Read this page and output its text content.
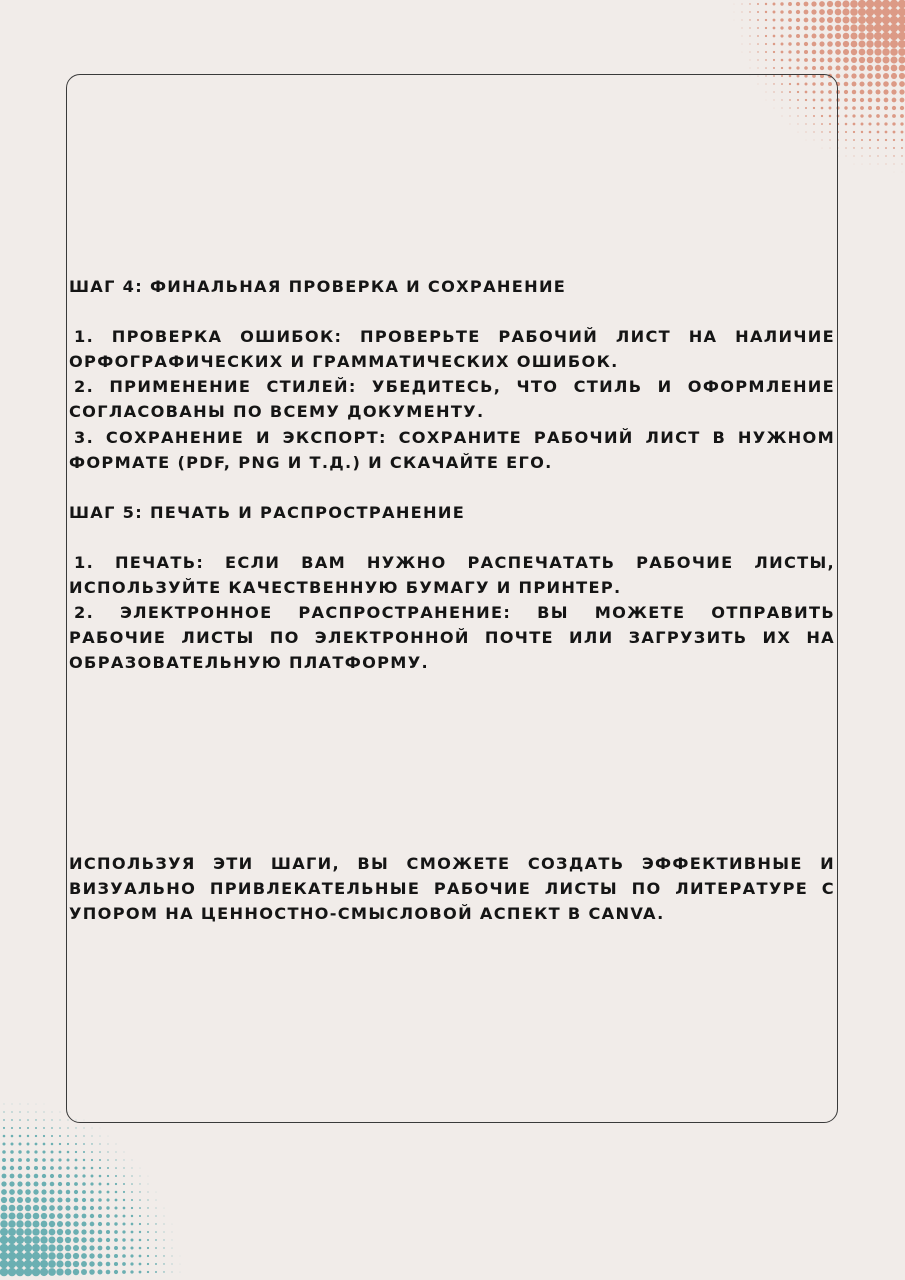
ШАГ 4: ФИНАЛЬНАЯ ПРОВЕРКА И СОХРАНЕНИЕ

1. ПРОВЕРКА ОШИБОК: ПРОВЕРЬТЕ РАБОЧИЙ ЛИСТ НА НАЛИЧИЕ ОРФОГРАФИЧЕСКИХ И ГРАММАТИЧЕСКИХ ОШИБОК.

2. ПРИМЕНЕНИЕ СТИЛЕЙ: УБЕДИТЕСЬ, ЧТО СТИЛЬ И ОФОРМЛЕНИЕ СОГЛАСОВАНЫ ПО ВСЕМУ ДОКУМЕНТУ.

3. СОХРАНЕНИЕ И ЭКСПОРТ: СОХРАНИТЕ РАБОЧИЙ ЛИСТ В НУЖНОМ ФОРМАТЕ (PDF, PNG И Т.Д.) И СКАЧАЙТЕ ЕГО.

ШАГ 5: ПЕЧАТЬ И РАСПРОСТРАНЕНИЕ

1. ПЕЧАТЬ: ЕСЛИ ВАМ НУЖНО РАСПЕЧАТАТЬ РАБОЧИЕ ЛИСТЫ, ИСПОЛЬЗУЙТЕ КАЧЕСТВЕННУЮ БУМАГУ И ПРИНТЕР.

2. ЭЛЕКТРОННОЕ РАСПРОСТРАНЕНИЕ: ВЫ МОЖЕТЕ ОТПРАВИТЬ РАБОЧИЕ ЛИСТЫ ПО ЭЛЕКТРОННОЙ ПОЧТЕ ИЛИ ЗАГРУЗИТЬ ИХ НА ОБРАЗОВАТЕЛЬНУЮ ПЛАТФОРМУ.

ИСПОЛЬЗУЯ ЭТИ ШАГИ, ВЫ СМОЖЕТЕ СОЗДАТЬ ЭФФЕКТИВНЫЕ И ВИЗУАЛЬНО ПРИВЛЕКАТЕЛЬНЫЕ РАБОЧИЕ ЛИСТЫ ПО ЛИТЕРАТУРЕ С УПОРОМ НА ЦЕННОСТНО-СМЫСЛОВОЙ АСПЕКТ В CANVA.
